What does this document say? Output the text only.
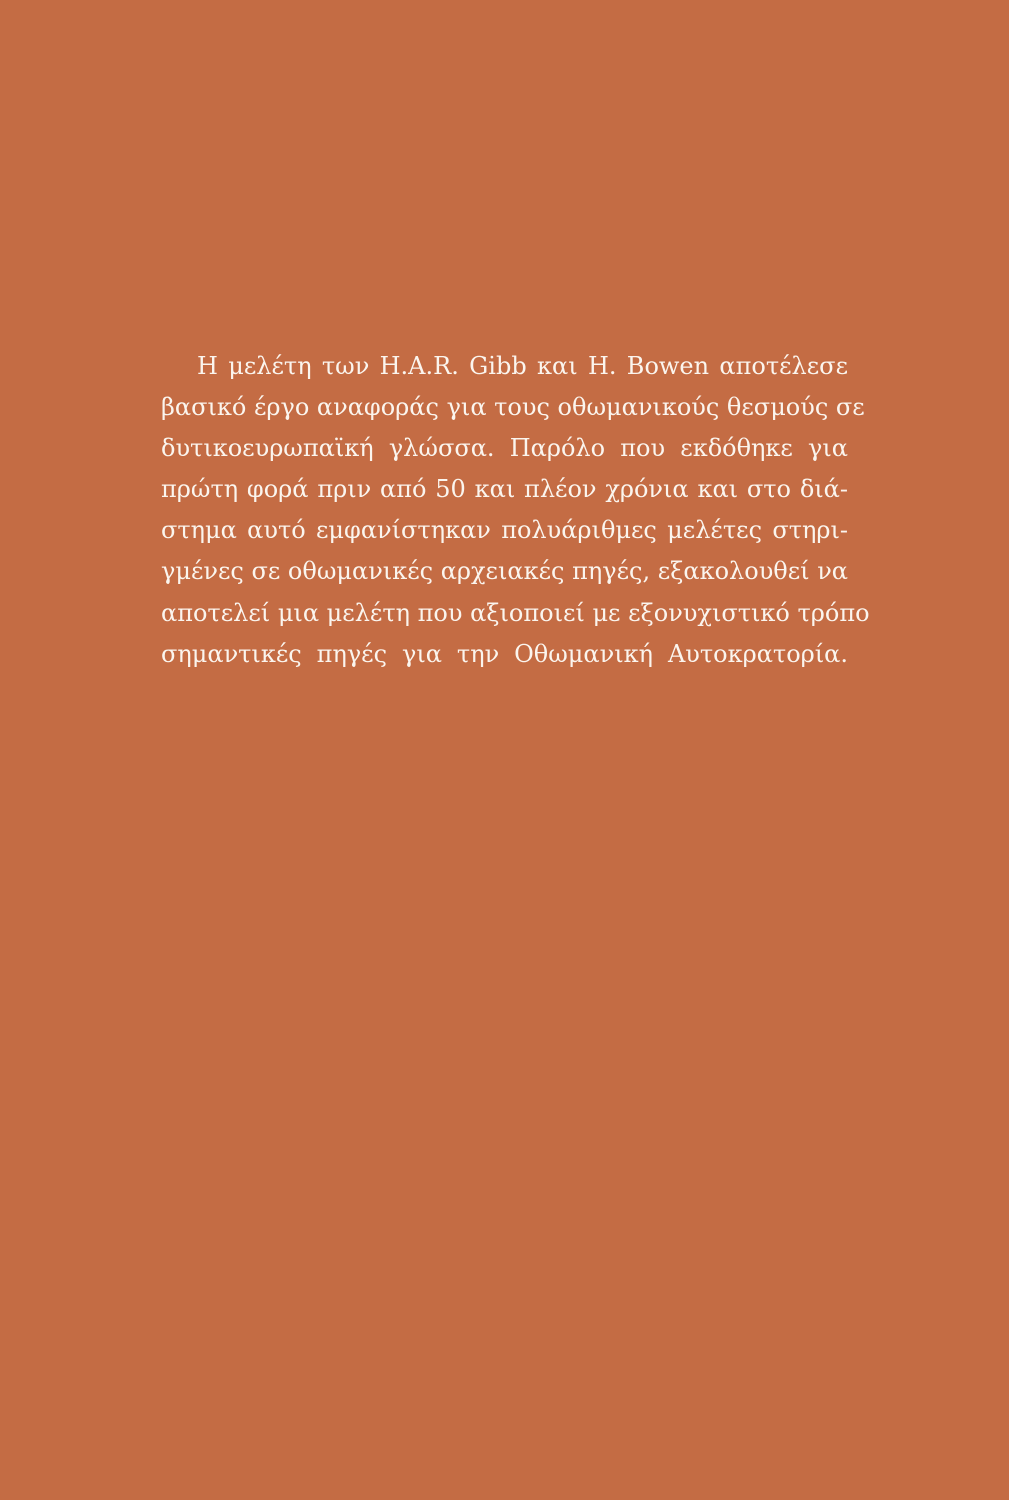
Η μελέτη των H.A.R. Gibb και H. Bowen αποτέλεσε
βασικό έργο αναφοράς για τους οθωμανικούς θεσμούς σε
δυτικοευρωπαϊκή γλώσσα. Παρόλο που εκδόθηκε για
πρώτη φορά πριν από 50 και πλέον χρόνια και στο διά-
στημα αυτό εμφανίστηκαν πολυάριθμες μελέτες στηρι-
γμένες σε οθωμανικές αρχειακές πηγές, εξακολουθεί να
αποτελεί μια μελέτη που αξιοποιεί με εξονυχιστικό τρόπο
σημαντικές πηγές για την Οθωμανική Αυτοκρατορία.
